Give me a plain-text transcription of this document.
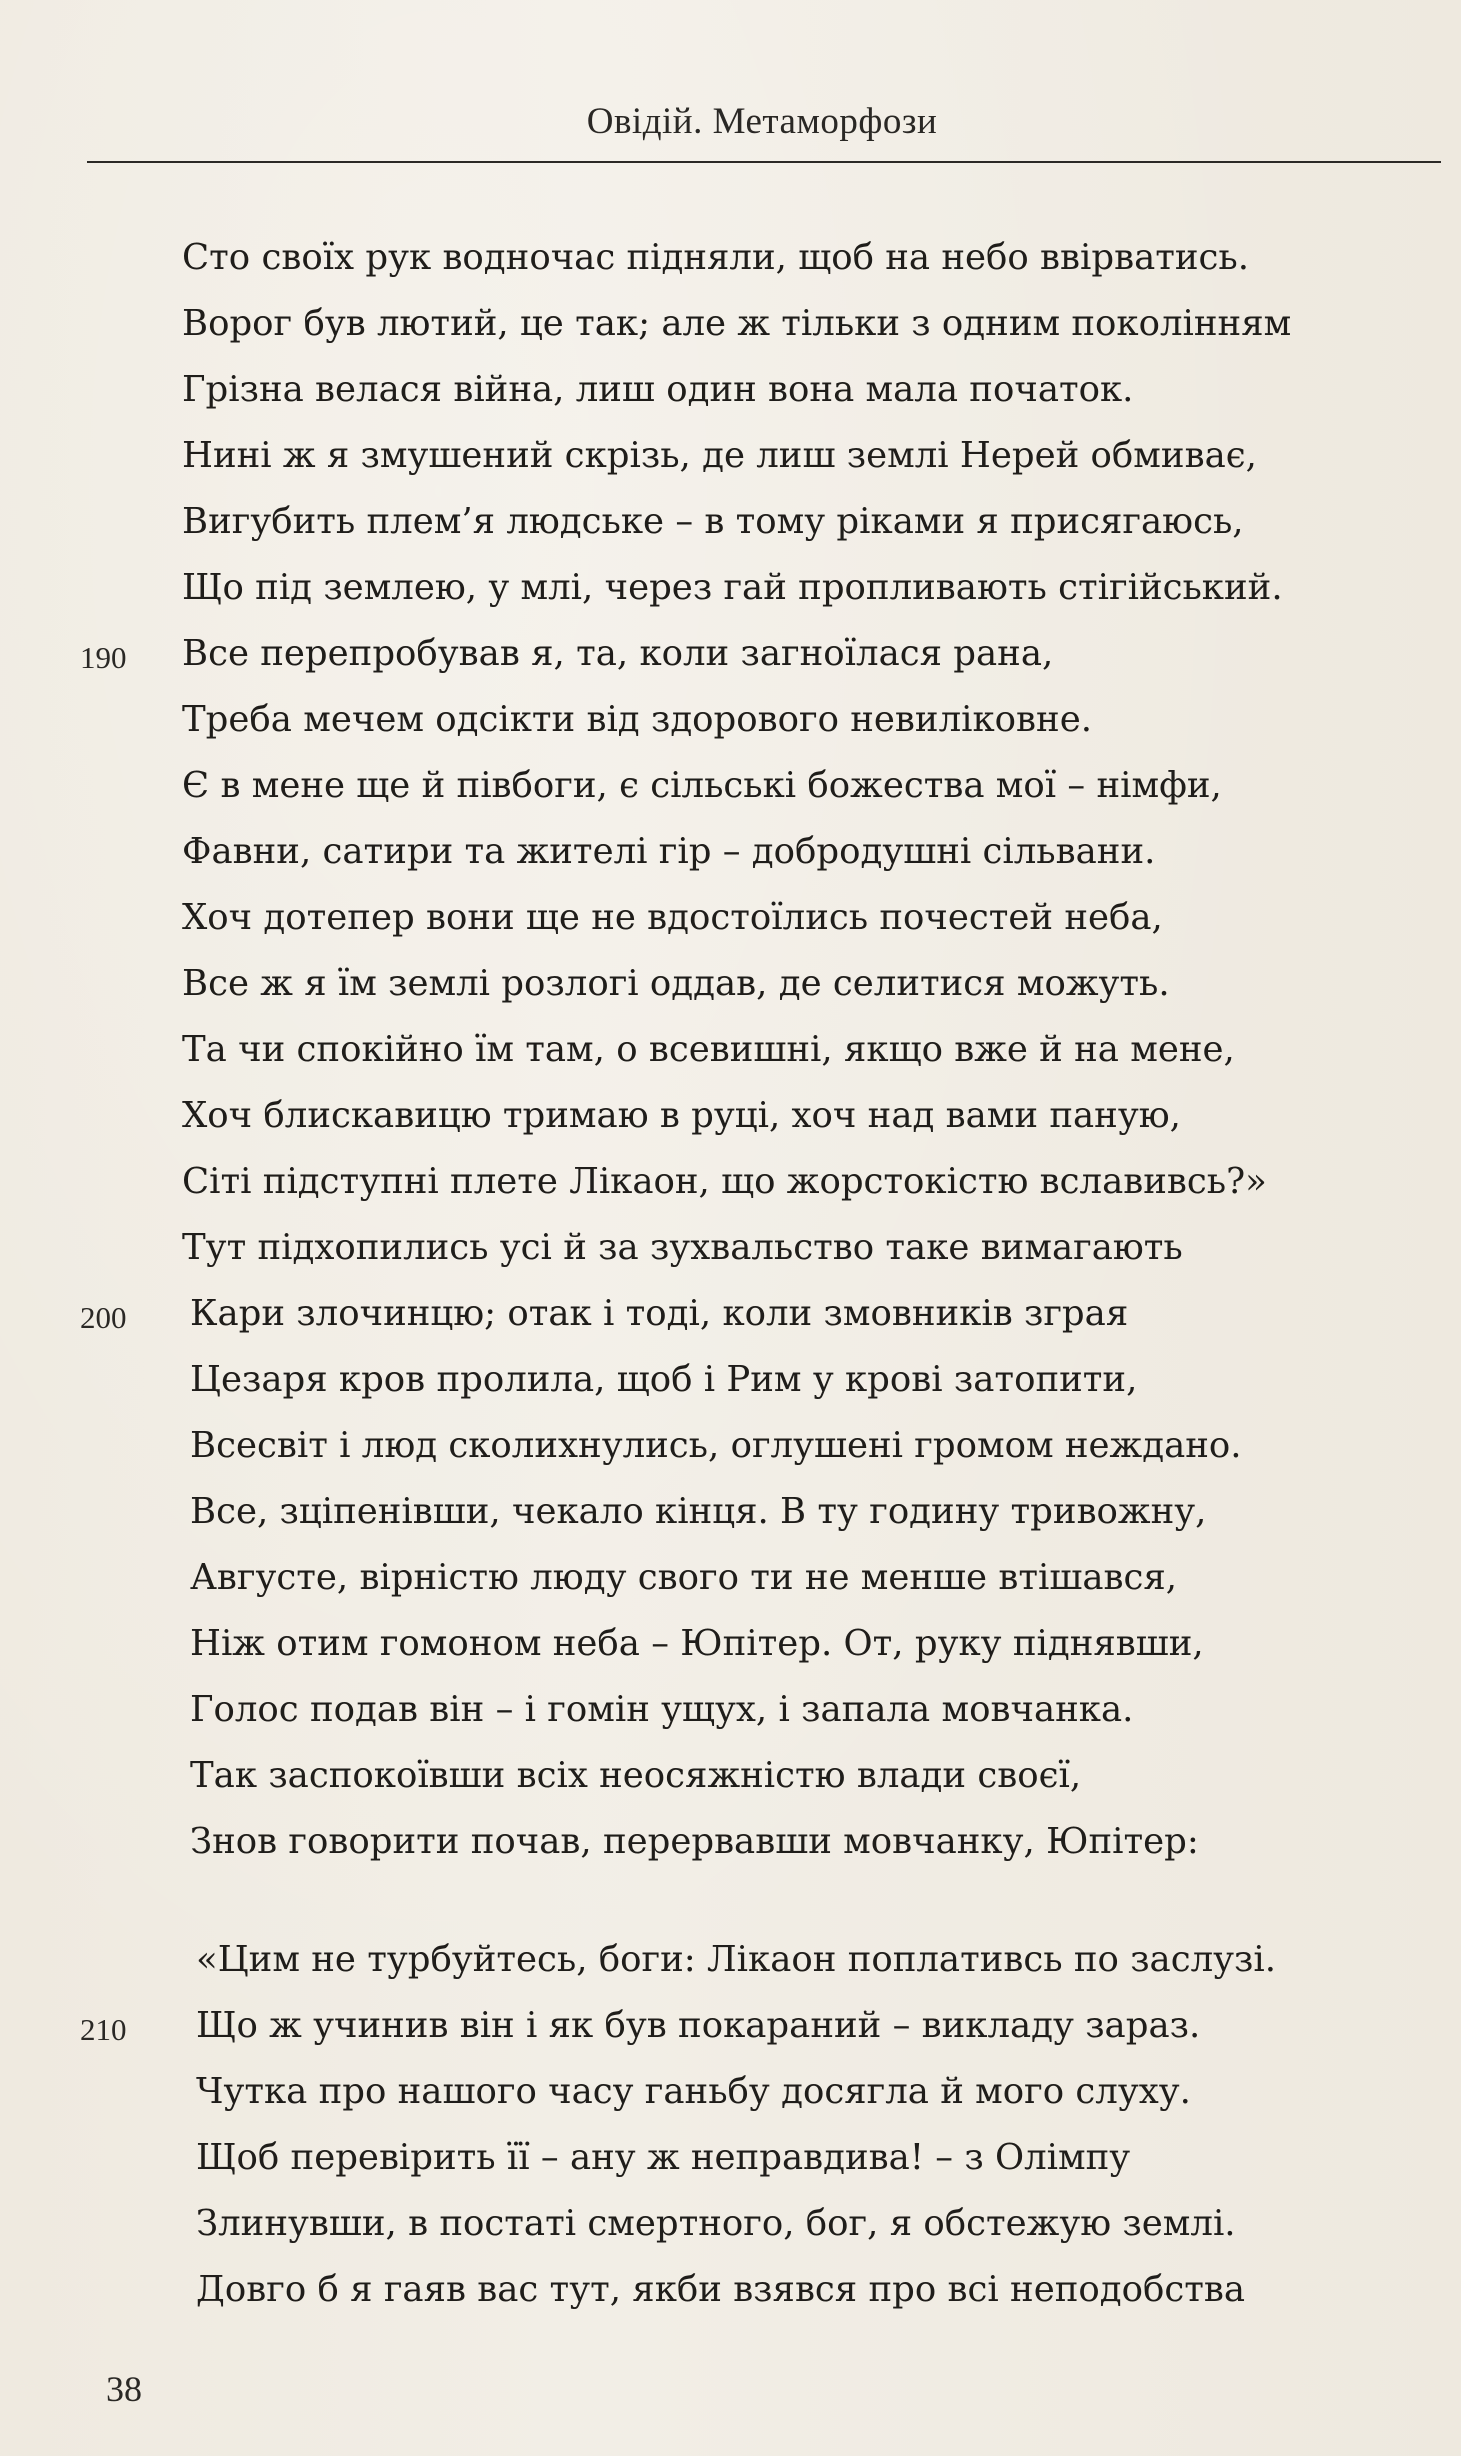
Овідій. Метаморфози
Сто своїх рук водночас підняли, щоб на небо ввірватись.
Ворог був лютий, це так; але ж тільки з одним поколінням
Грізна велася війна, лиш один вона мала початок.
Нині ж я змушений скрізь, де лиш землі Нерей обмиває,
Вигубить плем’я людське – в тому ріками я присягаюсь,
Що під землею, у млі, через гай пропливають стігійський.
Все перепробував я, та, коли загноїлася рана,
Треба мечем одсікти від здорового невиліковне.
Є в мене ще й півбоги, є сільські божества мої – німфи,
Фавни, сатири та жителі гір – добродушні сільвани.
Хоч дотепер вони ще не вдостоїлись почестей неба,
Все ж я їм землі розлогі оддав, де селитися можуть.
Та чи спокійно їм там, о всевишні, якщо вже й на мене,
Хоч блискавицю тримаю в руці, хоч над вами паную,
Сіті підступні плете Лікаон, що жорстокістю вславивсь?»
Тут підхопились усі й за зухвальство таке вимагають
Кари злочинцю; отак і тоді, коли змовників зграя
Цезаря кров пролила, щоб і Рим у крові затопити,
Всесвіт і люд сколихнулись, оглушені громом неждано.
Все, зціпенівши, чекало кінця. В ту годину тривожну,
Августе, вірністю люду свого ти не менше втішався,
Ніж отим гомоном неба – Юпітер. От, руку піднявши,
Голос подав він – і гомін ущух, і запала мовчанка.
Так заспокоївши всіх неосяжністю влади своєї,
Знов говорити почав, перервавши мовчанку, Юпітер:
«Цим не турбуйтесь, боги: Лікаон поплативсь по заслузі.
Що ж учинив він і як був покараний – викладу зараз.
Чутка про нашого часу ганьбу досягла й мого слуху.
Щоб перевірить її – ану ж неправдива! – з Олімпу
Злинувши, в постаті смертного, бог, я обстежую землі.
Довго б я гаяв вас тут, якби взявся про всі неподобства
190
200
210
38
